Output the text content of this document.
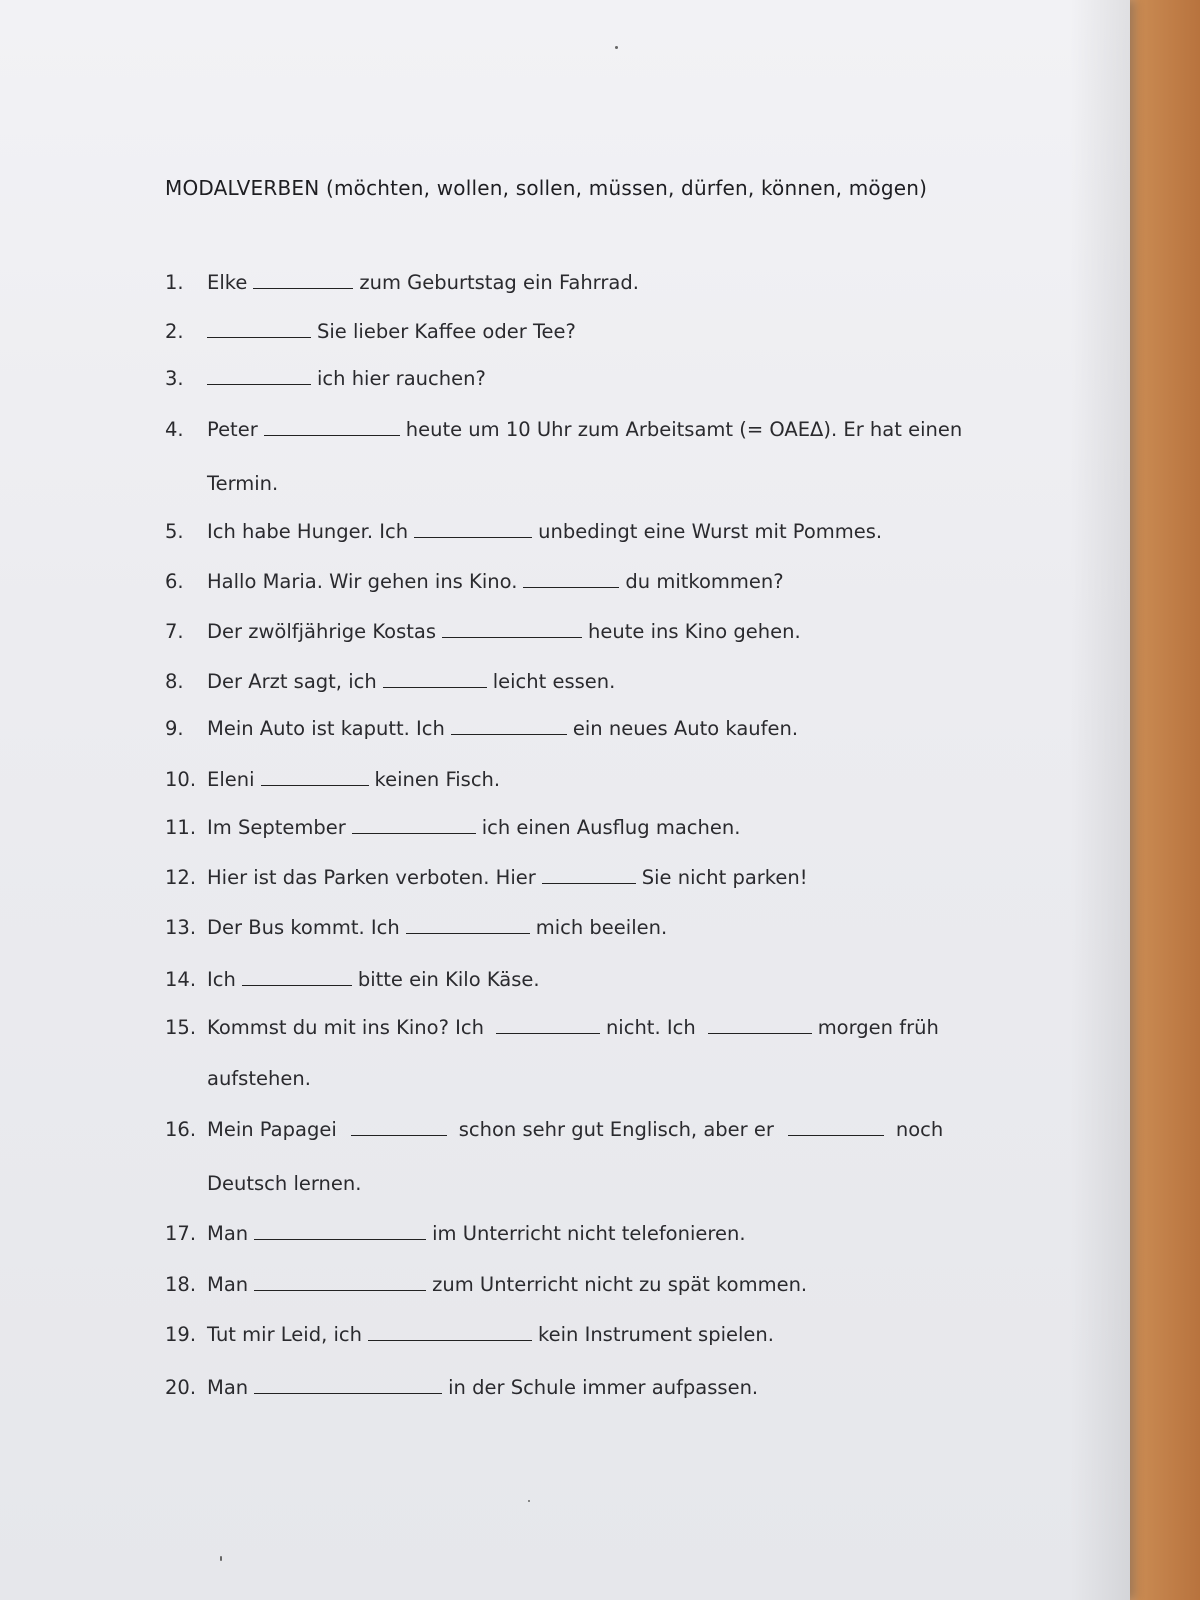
MODALVERBEN (möchten, wollen, sollen, müssen, dürfen, können, mögen)
1. Elke	zum Geburtstag ein Fahrrad.
2.	Sie lieber Kaffee oder Tee?
3.	ich hier rauchen?
4. Peter	heute um 10 Uhr zum Arbeitsamt (= OAEΔ). Er hat einen
Termin.
5. Ich habe Hunger. Ich	unbedingt eine Wurst mit Pommes.
6. Hallo Maria. Wir gehen ins Kino.	du mitkommen?
7. Der zwölfjährige Kostas	heute ins Kino gehen.
8. Der Arzt sagt, ich	leicht essen.
9. Mein Auto ist kaputt. Ich	ein neues Auto kaufen.
10. Eleni	keinen Fisch.
11. Im September	ich einen Ausflug machen.
12. Hier ist das Parken verboten. Hier	Sie nicht parken!
13. Der Bus kommt. Ich	mich beeilen.
14. Ich	bitte ein Kilo Käse.
15. Kommst du mit ins Kino? Ich	nicht. Ich	morgen früh
aufstehen.
16. Mein Papagei	schon sehr gut Englisch, aber er	noch
Deutsch lernen.
17. Man	im Unterricht nicht telefonieren.
18. Man	zum Unterricht nicht zu spät kommen.
19. Tut mir Leid, ich	kein Instrument spielen.
20. Man	in der Schule immer aufpassen.
